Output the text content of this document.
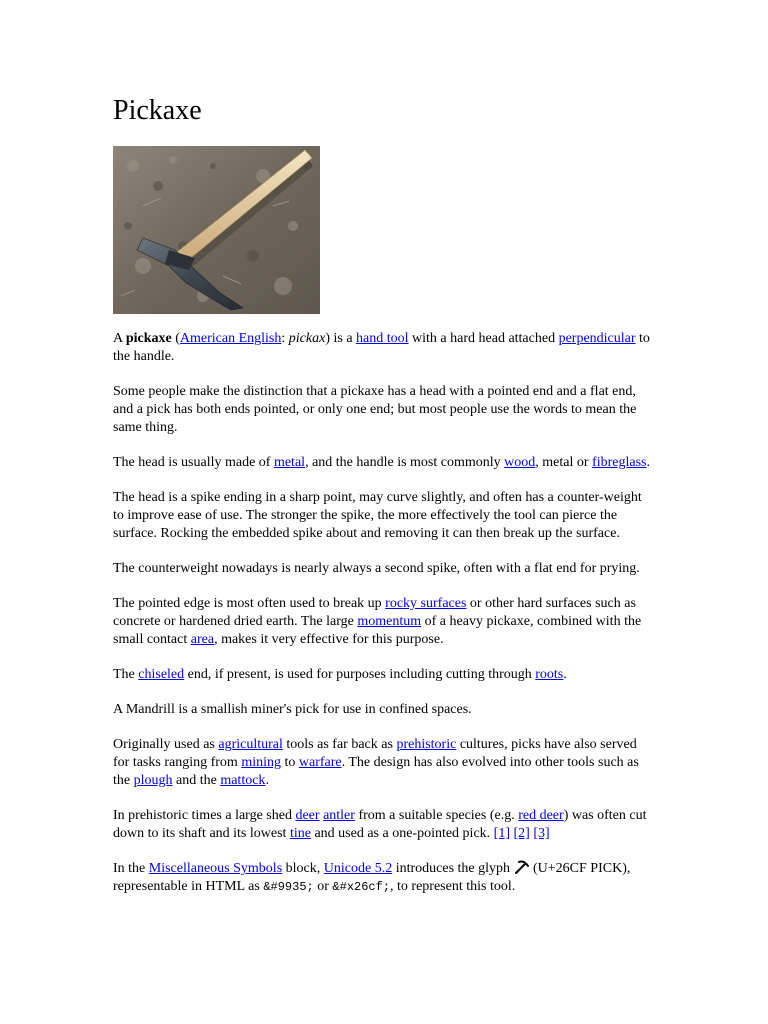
Pickaxe

A pickaxe (American English: pickax) is a hand tool with a hard head attached perpendicular to the handle.

Some people make the distinction that a pickaxe has a head with a pointed end and a flat end, and a pick has both ends pointed, or only one end; but most people use the words to mean the same thing.

The head is usually made of metal, and the handle is most commonly wood, metal or fibreglass.

The head is a spike ending in a sharp point, may curve slightly, and often has a counter-weight to improve ease of use. The stronger the spike, the more effectively the tool can pierce the surface. Rocking the embedded spike about and removing it can then break up the surface.

The counterweight nowadays is nearly always a second spike, often with a flat end for prying.

The pointed edge is most often used to break up rocky surfaces or other hard surfaces such as concrete or hardened dried earth. The large momentum of a heavy pickaxe, combined with the small contact area, makes it very effective for this purpose.

The chiseled end, if present, is used for purposes including cutting through roots.

A Mandrill is a smallish miner's pick for use in confined spaces.

Originally used as agricultural tools as far back as prehistoric cultures, picks have also served for tasks ranging from mining to warfare. The design has also evolved into other tools such as the plough and the mattock.

In prehistoric times a large shed deer antler from a suitable species (e.g. red deer) was often cut down to its shaft and its lowest tine and used as a one-pointed pick. [1] [2] [3]

In the Miscellaneous Symbols block, Unicode 5.2 introduces the glyph  (U+26CF PICK), representable in HTML as &#9935; or &#x26cf;, to represent this tool.
